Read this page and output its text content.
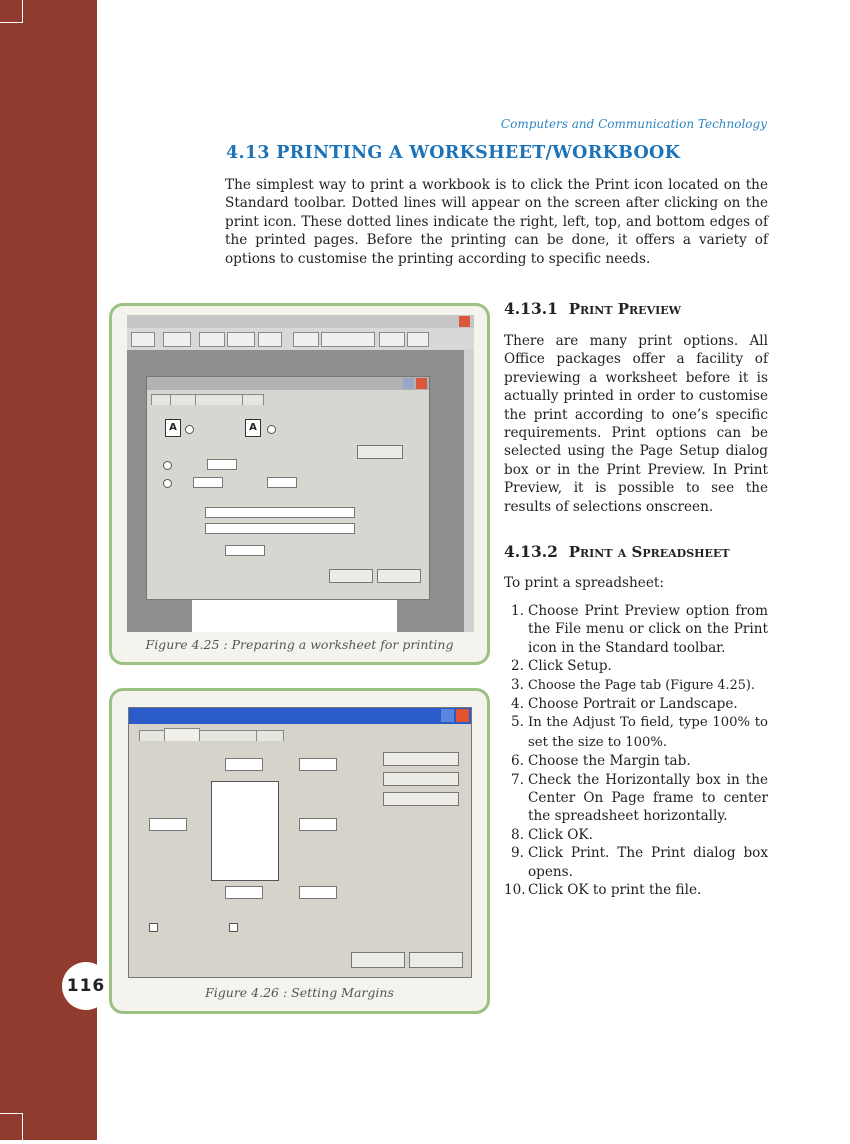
116
Computers and Communication Technology
4.13 PRINTING A WORKSHEET/WORKBOOK

The simplest way to print a workbook is to click the Print icon located on the Standard toolbar. Dotted lines will appear on the screen after clicking on the print icon. These dotted lines indicate the right, left, top, and bottom edges of the printed pages. Before the printing can be done, it offers a variety of options to customise the printing according to specific needs.

A	A
Figure 4.25 : Preparing a worksheet for printing
Figure 4.26 : Setting Margins
4.13.1 Print Preview

There are many print options. All Office packages offer a facility of previewing a worksheet before it is actually printed in order to customise the print according to one’s specific requirements. Print options can be selected using the Page Setup dialog box or in the Print Preview. In Print Preview, it is possible to see the results of selections onscreen.

4.13.2 Print a Spreadsheet

To print a spreadsheet:

1. Choose Print Preview option from the File menu or click on the Print icon in the Standard toolbar.
2. Click Setup.
3. Choose the Page tab (Figure 4.25).
4. Choose Portrait or Landscape.
5. In the Adjust To field, type 100% to set the size to 100%.
6. Choose the Margin tab.
7. Check the Horizontally box in the Center On Page frame to center the spreadsheet horizontally.
8. Click OK.
9. Click Print. The Print dialog box opens.
10. Click OK to print the file.
